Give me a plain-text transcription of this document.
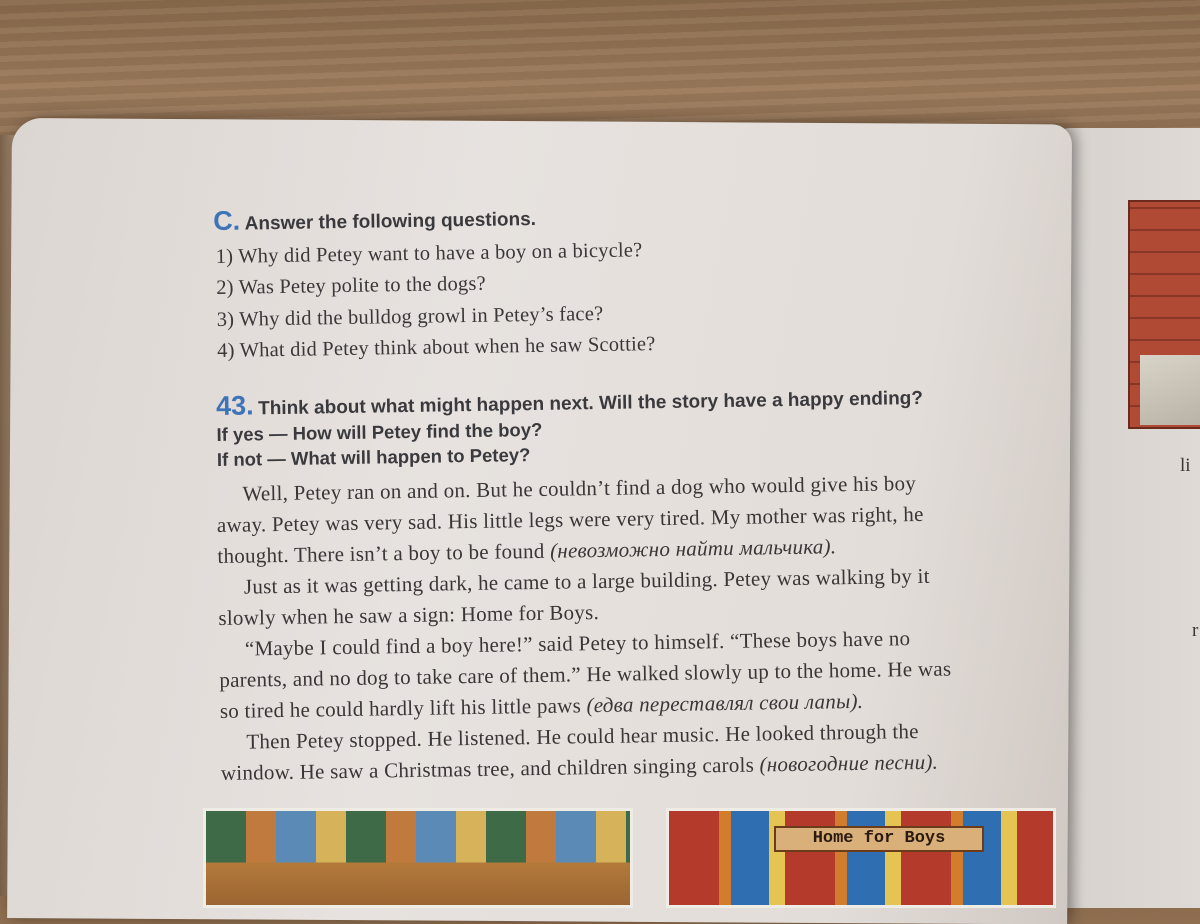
li
r
C. Answer the following questions.
1) Why did Petey want to have a boy on a bicycle?
2) Was Petey polite to the dogs?
3) Why did the bulldog growl in Petey’s face?
4) What did Petey think about when he saw Scottie?
43. Think about what might happen next. Will the story have a happy ending?
If yes — How will Petey find the boy?
If not — What will happen to Petey?
Well, Petey ran on and on. But he couldn’t find a dog who would give his boy
away. Petey was very sad. His little legs were very tired. My mother was right, he
thought. There isn’t a boy to be found (невозможно найти мальчика).
Just as it was getting dark, he came to a large building. Petey was walking by it
slowly when he saw a sign: Home for Boys.
“Maybe I could find a boy here!” said Petey to himself. “These boys have no
parents, and no dog to take care of them.” He walked slowly up to the home. He was
so tired he could hardly lift his little paws (едва переставлял свои лапы).
Then Petey stopped. He listened. He could hear music. He looked through the
window. He saw a Christmas tree, and children singing carols (новогодние песни).
Home for Boys
